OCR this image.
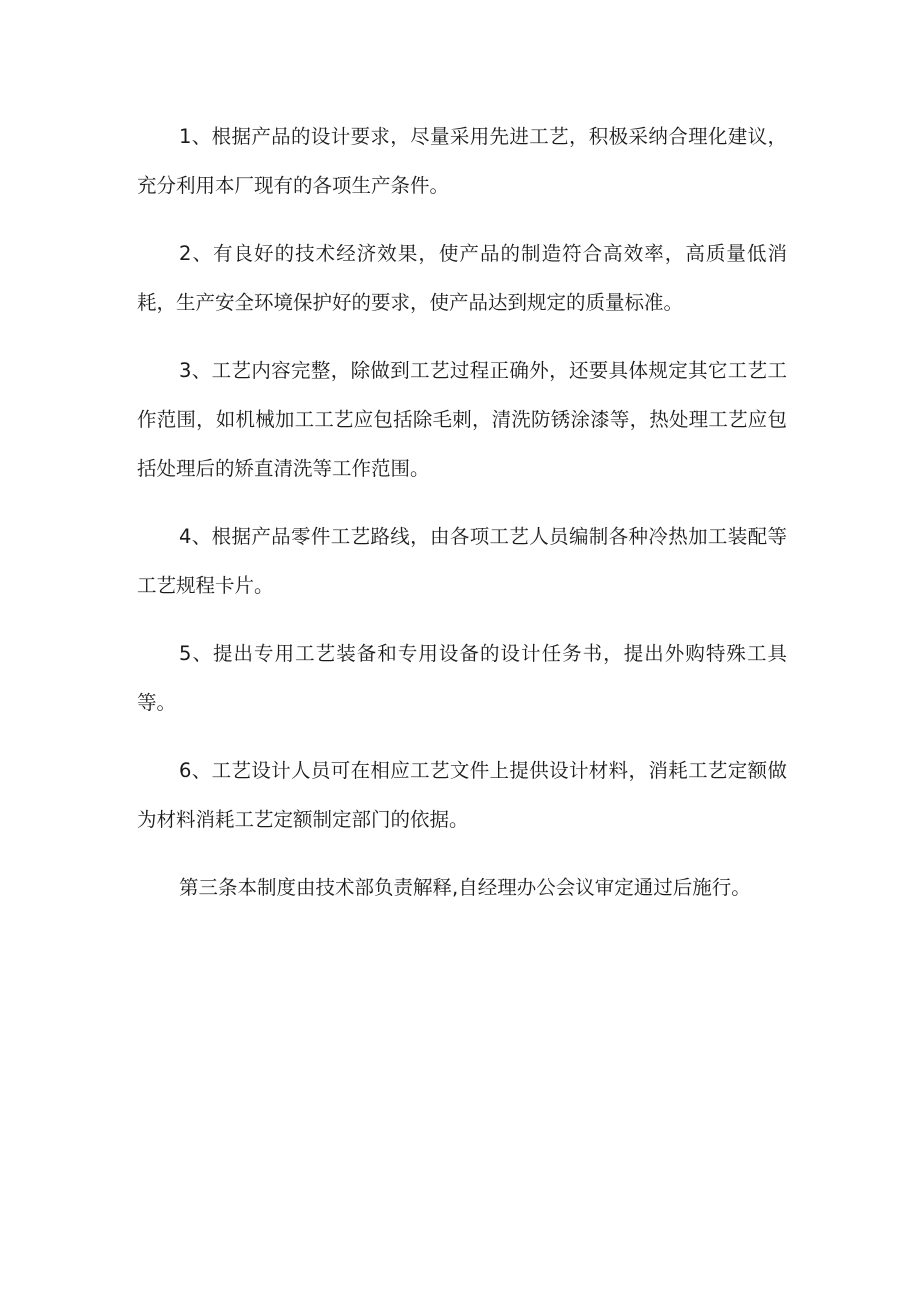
1、根据产品的设计要求，尽量采用先进工艺，积极采纳合理化建议，充分利用本厂现有的各项生产条件。

2、有良好的技术经济效果，使产品的制造符合高效率，高质量低消耗，生产安全环境保护好的要求，使产品达到规定的质量标准。

3、工艺内容完整，除做到工艺过程正确外，还要具体规定其它工艺工作范围，如机械加工工艺应包括除毛刺，清洗防锈涂漆等，热处理工艺应包括处理后的矫直清洗等工作范围。

4、根据产品零件工艺路线，由各项工艺人员编制各种冷热加工装配等工艺规程卡片。

5、提出专用工艺装备和专用设备的设计任务书，提出外购特殊工具等。

6、工艺设计人员可在相应工艺文件上提供设计材料，消耗工艺定额做为材料消耗工艺定额制定部门的依据。

第三条本制度由技术部负责解释,自经理办公会议审定通过后施行。
